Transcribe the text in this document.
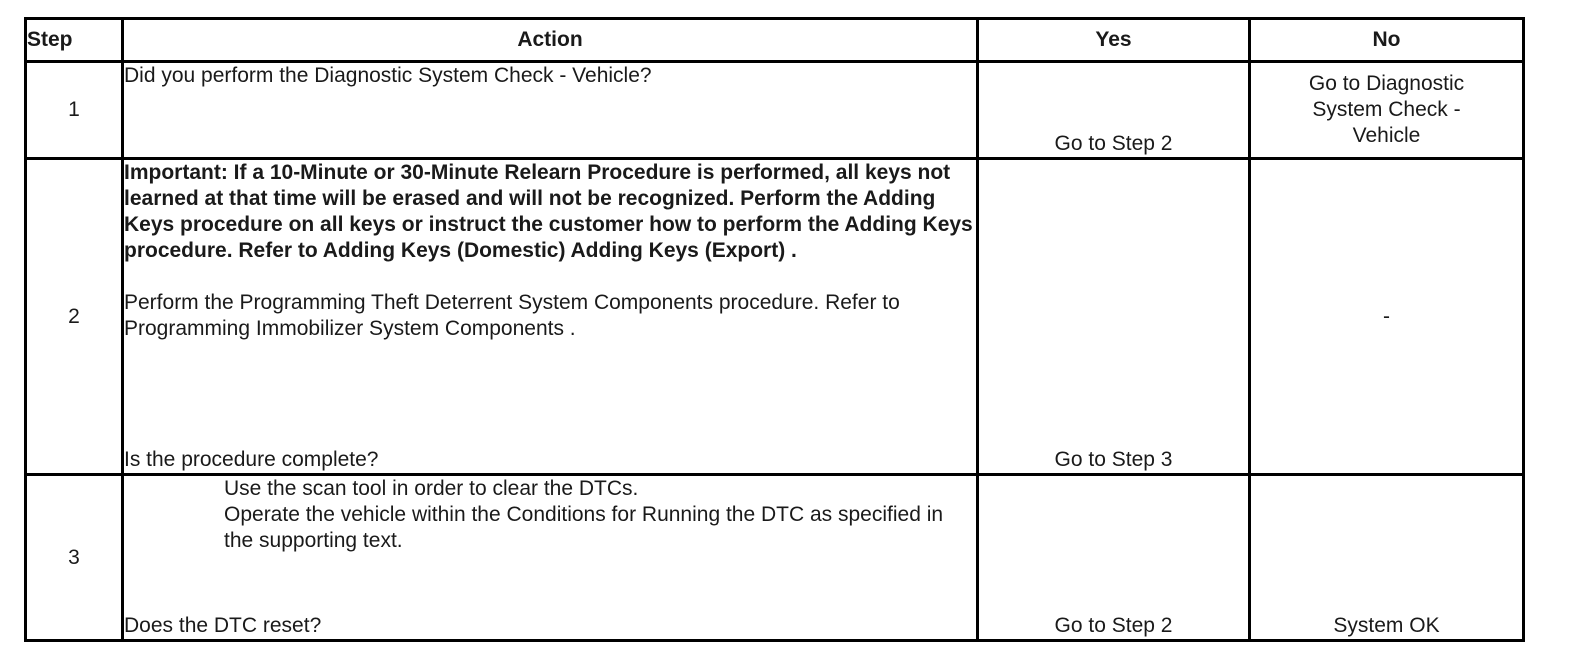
Step	Action	Yes	No
1	Did you perform the Diagnostic System Check - Vehicle?	Go to Step 2	Go to Diagnostic System Check - Vehicle
2	Important: If a 10-Minute or 30-Minute Relearn Procedure is performed, all keys not learned at that time will be erased and will not be recognized. Perform the Adding Keys procedure on all keys or instruct the customer how to perform the Adding Keys procedure. Refer to Adding Keys (Domestic) Adding Keys (Export) .

Perform the Programming Theft Deterrent System Components procedure. Refer to Programming Immobilizer System Components .

Is the procedure complete?	Go to Step 3	-
3	Use the scan tool in order to clear the DTCs.
Operate the vehicle within the Conditions for Running the DTC as specified in the supporting text.
Does the DTC reset?	Go to Step 2	System OK
